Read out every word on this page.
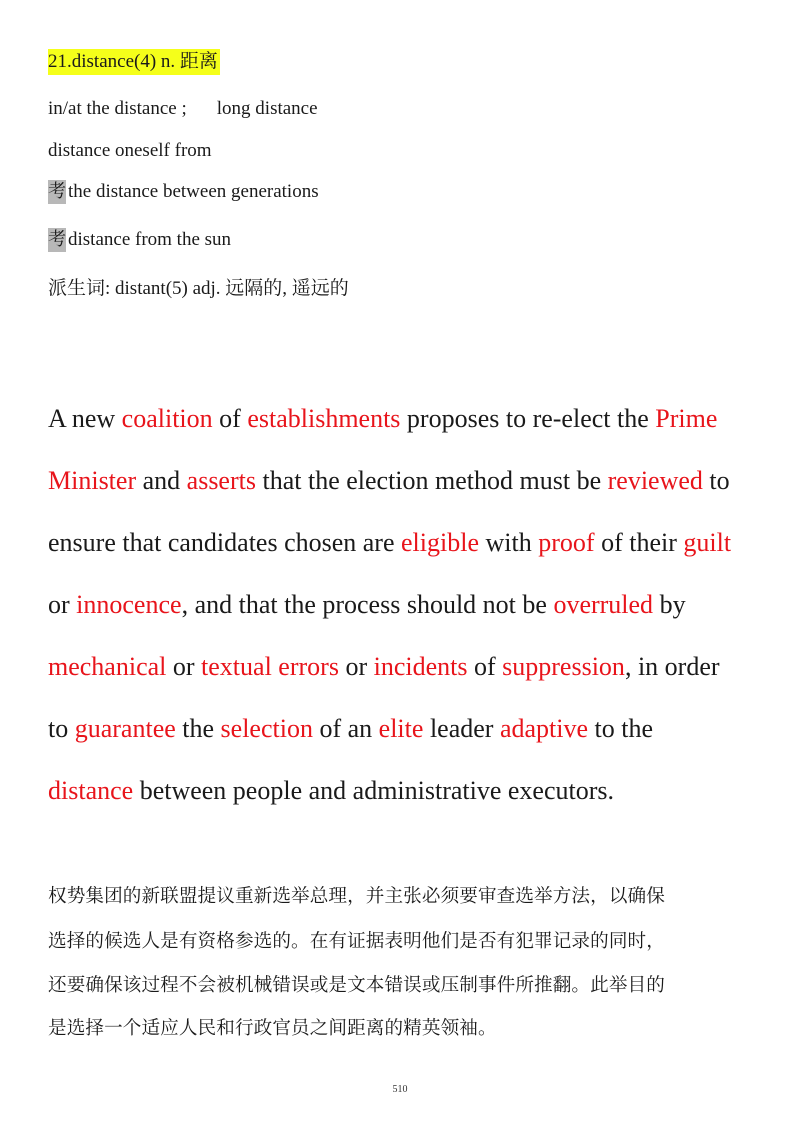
21.distance(4) n. 距离
in/at the distance ; long distance
distance oneself from
考 the distance between generations
考 distance from the sun
派生词: distant(5) adj. 远隔的, 遥远的
A new coalition of establishments proposes to re-elect the Prime
Minister and asserts that the election method must be reviewed to
ensure that candidates chosen are eligible with proof of their guilt
or innocence, and that the process should not be overruled by
mechanical or textual errors or incidents of suppression, in order
to guarantee the selection of an elite leader adaptive to the
distance between people and administrative executors.
权势集团的新联盟提议重新选举总理，并主张必须要审查选举方法，以确保
选择的候选人是有资格参选的。在有证据表明他们是否有犯罪记录的同时，
还要确保该过程不会被机械错误或是文本错误或压制事件所推翻。此举目的
是选择一个适应人民和行政官员之间距离的精英领袖。
510
